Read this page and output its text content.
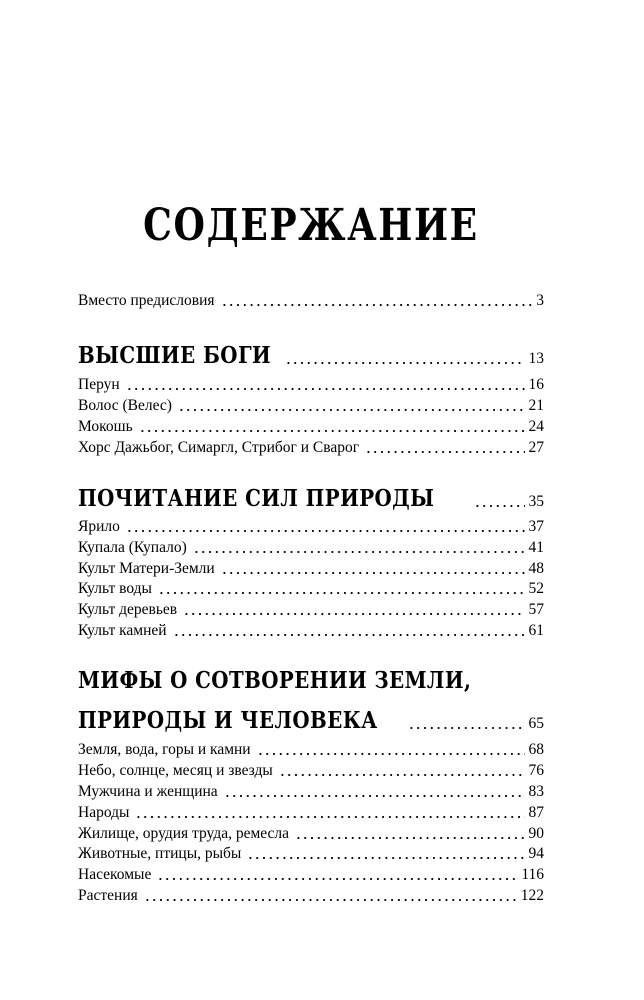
СОДЕРЖАНИЕ
Вместо предисловия	3
ВЫСШИЕ БОГИ	13
Перун	16
Волос (Велес)	21
Мокошь	24
Хорс Дажьбог, Симаргл, Стрибог и Сварог	27
ПОЧИТАНИЕ СИЛ ПРИРОДЫ	35
Ярило	37
Купала (Купало)	41
Культ Матери-Земли	48
Культ воды	52
Культ деревьев	57
Культ камней	61
МИФЫ О СОТВОРЕНИИ ЗЕМЛИ,
ПРИРОДЫ И ЧЕЛОВЕКА	65
Земля, вода, горы и камни	68
Небо, солнце, месяц и звезды	76
Мужчина и женщина	83
Народы	87
Жилище, орудия труда, ремесла	90
Животные, птицы, рыбы	94
Насекомые	116
Растения	122
